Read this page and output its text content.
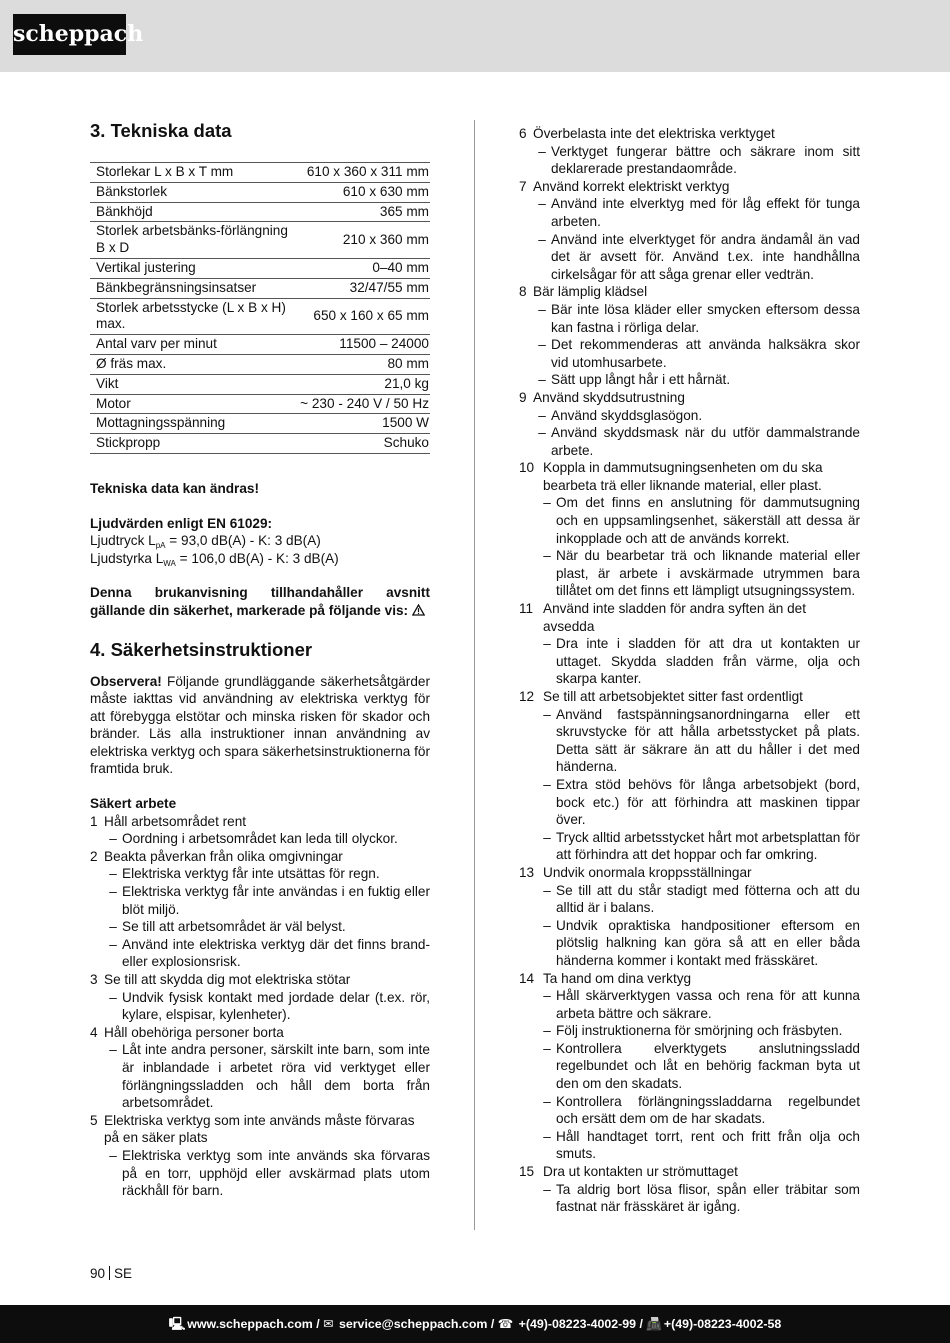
scheppach
3. Tekniska data
Storlekar L x B x T mm	610 x 360 x 311 mm
Bänkstorlek	610 x 630 mm
Bänkhöjd	365 mm
Storlek arbetsbänks-förlängning B x D	210 x 360 mm
Vertikal justering	0–40 mm
Bänkbegränsningsinsatser	32/47/55 mm
Storlek arbetsstycke (L x B x H) max.	650 x 160 x 65 mm
Antal varv per minut	11500 – 24000
Ø fräs max.	80 mm
Vikt	21,0 kg
Motor	~ 230 - 240 V / 50 Hz
Mottagningsspänning	1500 W
Stickpropp	Schuko

Tekniska data kan ändras!

Ljudvärden enligt EN 61029:

Ljudtryck $L_{pA} = 93,0$ dB(A) - K: 3 dB(A)

Ljudstyrka $L_{WA} = 106,0$ dB(A) - K: 3 dB(A)

Denna brukanvisning tillhandahåller avsnitt gällande din säkerhet, markerade på följande vis:

4. Säkerhetsinstruktioner

Observera! Följande grundläggande säkerhetsåtgärder måste iakttas vid användning av elektriska verktyg för att förebygga elstötar och minska risken för skador och bränder. Läs alla instruktioner innan användning av elektriska verktyg och spara säkerhetsinstruktionerna för framtida bruk.

Säkert arbete

1 Håll arbetsområdet rent
– Oordning i arbetsområdet kan leda till olyckor.
2 Beakta påverkan från olika omgivningar
– Elektriska verktyg får inte utsättas för regn.
– Elektriska verktyg får inte användas i en fuktig eller blöt miljö.
– Se till att arbetsområdet är väl belyst.
– Använd inte elektriska verktyg där det finns brand- eller explosionsrisk.
3 Se till att skydda dig mot elektriska stötar
– Undvik fysisk kontakt med jordade delar (t.ex. rör, kylare, elspisar, kylenheter).
4 Håll obehöriga personer borta
– Låt inte andra personer, särskilt inte barn, som inte är inblandade i arbetet röra vid verktyget eller förlängningssladden och håll dem borta från arbetsområdet.
5 Elektriska verktyg som inte används måste förvaras på en säker plats
– Elektriska verktyg som inte används ska förvaras på en torr, upphöjd eller avskärmad plats utom räckhåll för barn.
6 Överbelasta inte det elektriska verktyget
– Verktyget fungerar bättre och säkrare inom sitt deklarerade prestandaområde.
7 Använd korrekt elektriskt verktyg
– Använd inte elverktyg med för låg effekt för tunga arbeten.
– Använd inte elverktyget för andra ändamål än vad det är avsett för. Använd t.ex. inte handhållna cirkelsågar för att såga grenar eller vedträn.
8 Bär lämplig klädsel
– Bär inte lösa kläder eller smycken eftersom dessa kan fastna i rörliga delar.
– Det rekommenderas att använda halksäkra skor vid utomhusarbete.
– Sätt upp långt hår i ett hårnät.
9 Använd skyddsutrustning
– Använd skyddsglasögon.
– Använd skyddsmask när du utför dammalstrande arbete.
10 Koppla in dammutsugningsenheten om du ska bearbeta trä eller liknande material, eller plast.
– Om det finns en anslutning för dammutsugning och en uppsamlingsenhet, säkerställ att dessa är inkopplade och att de används korrekt.
– När du bearbetar trä och liknande material eller plast, är arbete i avskärmade utrymmen bara tillåtet om det finns ett lämpligt utsugningssystem.
11 Använd inte sladden för andra syften än det avsedda
– Dra inte i sladden för att dra ut kontakten ur uttaget. Skydda sladden från värme, olja och skarpa kanter.
12 Se till att arbetsobjektet sitter fast ordentligt
– Använd fastspänningsanordningarna eller ett skruvstycke för att hålla arbetsstycket på plats. Detta sätt är säkrare än att du håller i det med händerna.
– Extra stöd behövs för långa arbetsobjekt (bord, bock etc.) för att förhindra att maskinen tippar över.
– Tryck alltid arbetsstycket hårt mot arbetsplattan för att förhindra att det hoppar och far omkring.
13 Undvik onormala kroppsställningar
– Se till att du står stadigt med fötterna och att du alltid är i balans.
– Undvik opraktiska handpositioner eftersom en plötslig halkning kan göra så att en eller båda händerna kommer i kontakt med frässkäret.
14 Ta hand om dina verktyg
– Håll skärverktygen vassa och rena för att kunna arbeta bättre och säkrare.
– Följ instruktionerna för smörjning och fräsbyten.
– Kontrollera elverktygets anslutningssladd regelbundet och låt en behörig fackman byta ut den om den skadats.
– Kontrollera förlängningssladdarna regelbundet och ersätt dem om de har skadats.
– Håll handtaget torrt, rent och fritt från olja och smuts.
15 Dra ut kontakten ur strömuttaget
– Ta aldrig bort lösa flisor, spån eller träbitar som fastnat när frässkäret är igång.
90 SE
🖳 www.scheppach.com / ✉ service@scheppach.com / ☎ +(49)-08223-4002-99 / 📠 +(49)-08223-4002-58
